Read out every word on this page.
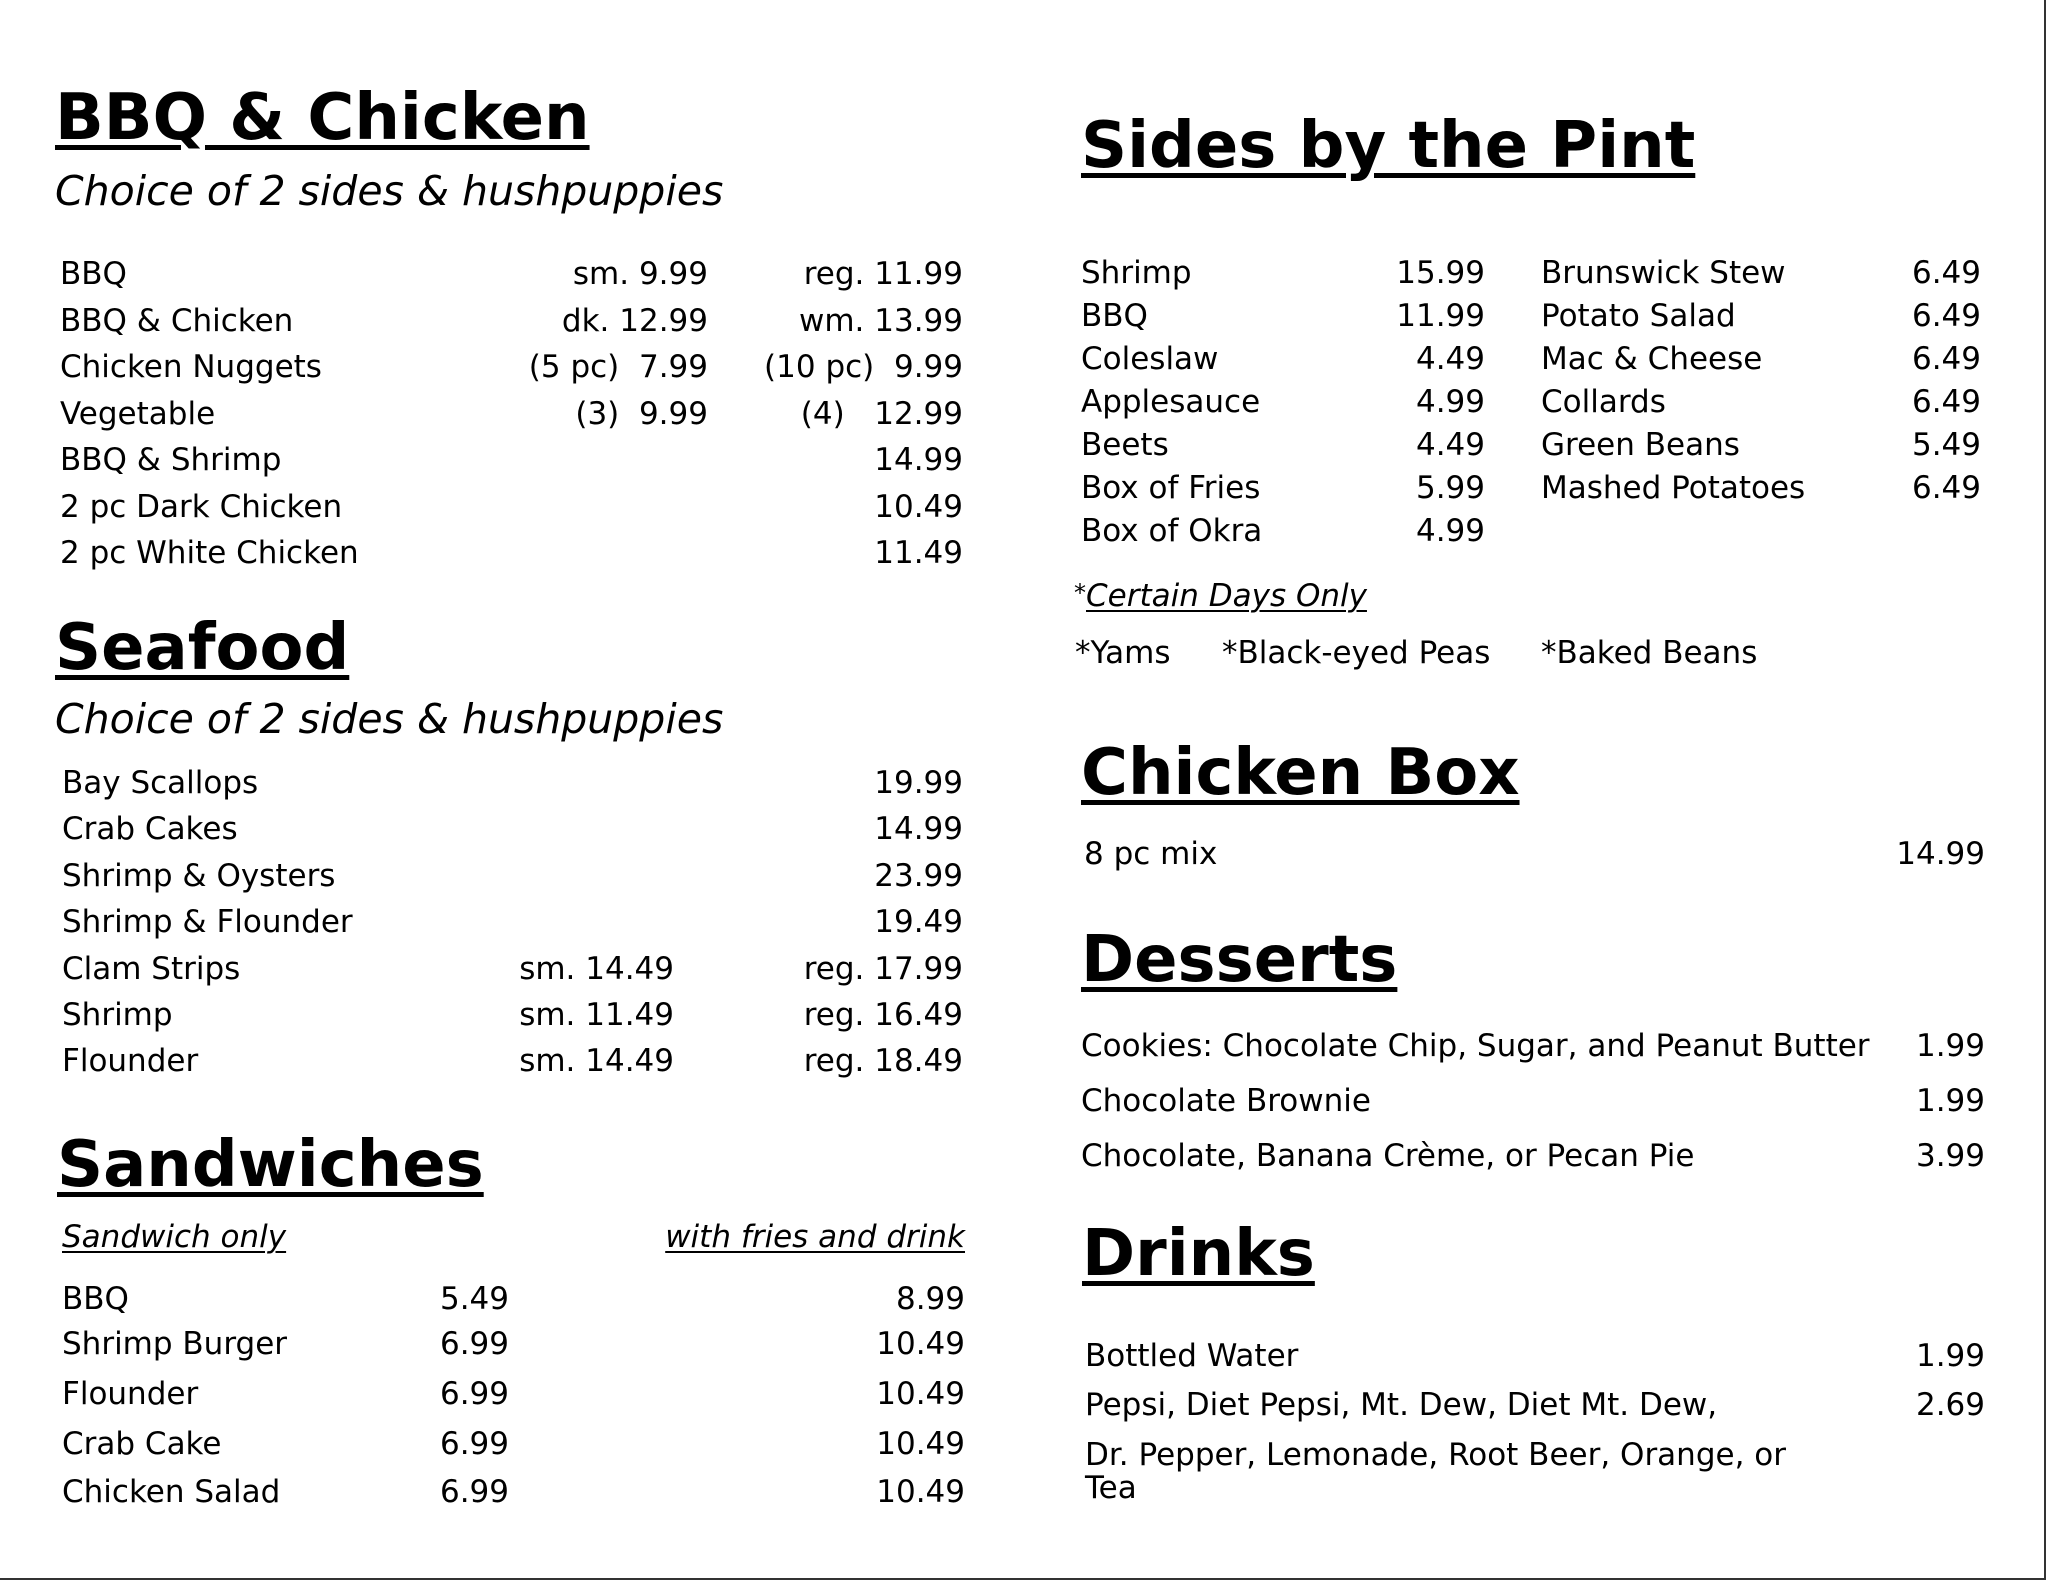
BBQ & Chicken
Choice of 2 sides & hushpuppies
BBQ	sm. 9.99	reg. 11.99
BBQ & Chicken	dk. 12.99	wm. 13.99
Chicken Nuggets	(5 pc)  7.99 (10 pc)  9.99
Vegetable	(3)  9.99	(4)   12.99
BBQ & Shrimp	14.99
2 pc Dark Chicken	10.49
2 pc White Chicken	11.49
Seafood
Choice of 2 sides & hushpuppies
Bay Scallops	19.99
Crab Cakes	14.99
Shrimp & Oysters	23.99
Shrimp & Flounder	19.49
Clam Strips	sm. 14.49	reg. 17.99
Shrimp	sm. 11.49	reg. 16.49
Flounder	sm. 14.49	reg. 18.49
Sandwiches
Sandwich only	with fries and drink
BBQ	5.49	8.99
Shrimp Burger	6.99	10.49
Flounder	6.99	10.49
Crab Cake	6.99	10.49
Chicken Salad	6.99	10.49
Sides by the Pint
Shrimp	15.99
BBQ	11.99
Coleslaw	4.49
Applesauce	4.99
Beets	4.49
Box of Fries	5.99
Box of Okra	4.99
Brunswick Stew	6.49
Potato Salad	6.49
Mac & Cheese	6.49
Collards	6.49
Green Beans	5.49
Mashed Potatoes	6.49
*Certain Days Only
*Yams *Black-eyed Peas *Baked Beans
Chicken Box
8 pc mix	14.99
Desserts
Cookies: Chocolate Chip, Sugar, and Peanut Butter 1.99
Chocolate Brownie	1.99
Chocolate, Banana Crème, or Pecan Pie	3.99
Drinks
Bottled Water	1.99
Pepsi, Diet Pepsi, Mt. Dew, Diet Mt. Dew,	2.69
Dr. Pepper, Lemonade, Root Beer, Orange, or
Tea
